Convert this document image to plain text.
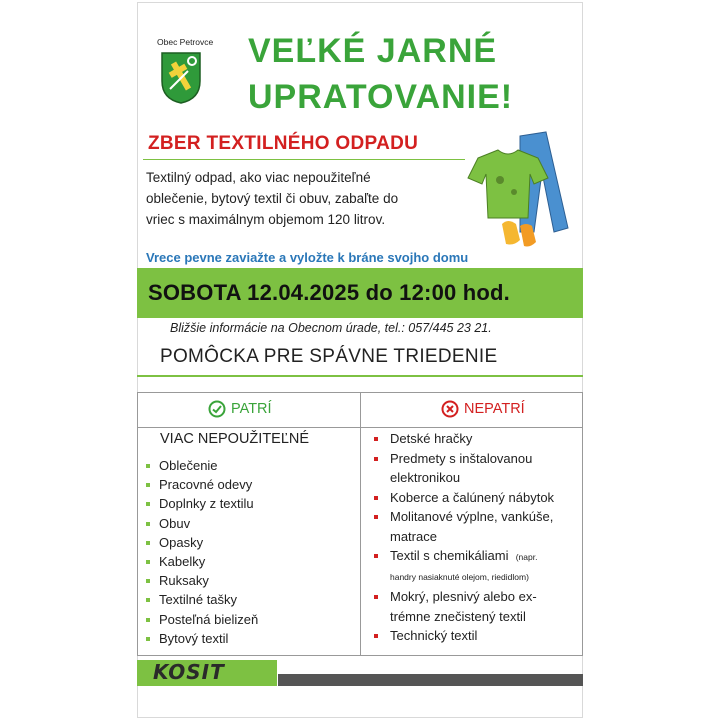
Obec Petrovce VEĽKÉ JARNÉ
UPRATOVANIE!
ZBER TEXTILNÉHO ODPADU
Textilný odpad, ako viac nepoužiteľné oblečenie, bytový textil či obuv, zabaľte do vriec s maximálnym objemom 120 litrov.
Vrece pevne zaviažte a vyložte k bráne svojho domu
SOBOTA 12.04.2025 do 12:00 hod.
Bližšie informácie na Obecnom úrade, tel.: 057/445 23 21.
POMÔCKA PRE SPÁVNE TRIEDENIE
PATRÍ	NEPATRÍ
VIAC NEPOUŽITEĽNÉ
Oblečenie
Pracovné odevy
Doplnky z textilu
Obuv
Opasky
Kabelky
Ruksaky
Textilné tašky
Posteľná bielizeň
Bytový textil
Detské hračky
Predmety s inštalovanou
elektronikou
Koberce a čalúnený nábytok
Molitanové výplne, vankúše,
matrace
Textil s chemikáliami (napr.
handry nasiaknuté olejom, riedidlom)
Mokrý, plesnivý alebo ex-
trémne znečistený textil
Technický textil
KOSIT
